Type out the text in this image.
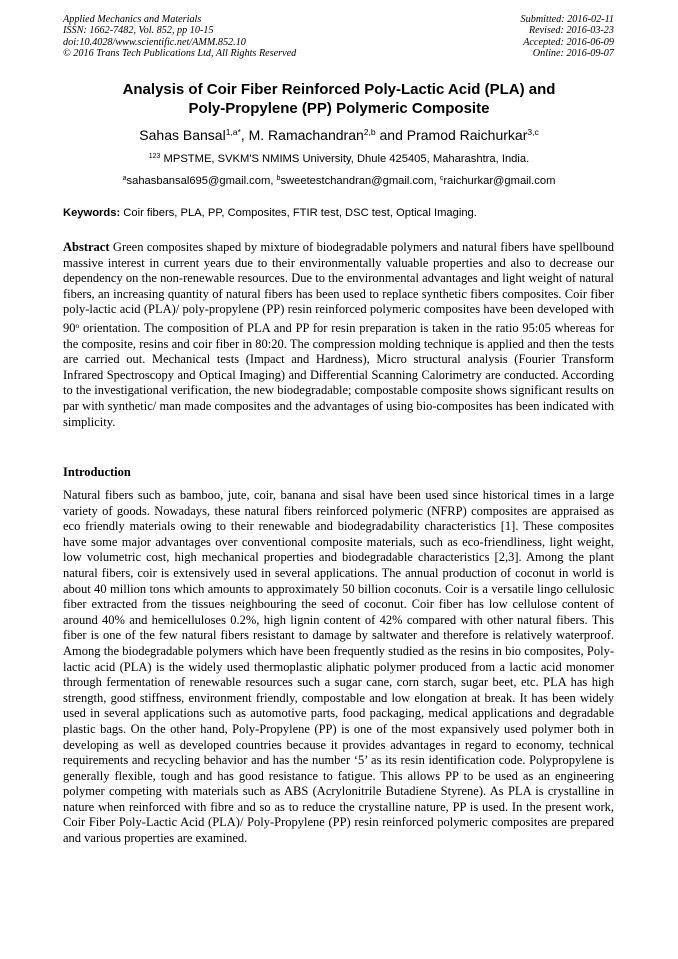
Applied Mechanics and Materials
ISSN: 1662-7482, Vol. 852, pp 10-15
doi:10.4028/www.scientific.net/AMM.852.10
© 2016 Trans Tech Publications Ltd, All Rights Reserved
Submitted: 2016-02-11
Revised: 2016-03-23
Accepted: 2016-06-09
Online: 2016-09-07
Analysis of Coir Fiber Reinforced Poly-Lactic Acid (PLA) and
Poly-Propylene (PP) Polymeric Composite
Sahas Bansal$^{1,a*}$, M. Ramachandran$^{2,b}$ and Pramod Raichurkar$^{3,c}$
$^{123}$ MPSTME, SVKM'S NMIMS University, Dhule 425405, Maharashtra, India.
$^a$sahasbansal695@gmail.com, $^b$sweetestchandran@gmail.com, $^c$raichurkar@gmail.com
Keywords: Coir fibers, PLA, PP, Composites, FTIR test, DSC test, Optical Imaging.
Abstract Green composites shaped by mixture of biodegradable polymers and natural fibers have spellbound massive interest in current years due to their environmentally valuable properties and also to decrease our dependency on the non-renewable resources. Due to the environmental advantages and light weight of natural fibers, an increasing quantity of natural fibers has been used to replace synthetic fibers composites. Coir fiber poly-lactic acid (PLA)/ poly-propylene (PP) resin reinforced polymeric composites have been developed with 90$^o$ orientation. The composition of PLA and PP for resin preparation is taken in the ratio 95:05 whereas for the composite, resins and coir fiber in 80:20. The compression molding technique is applied and then the tests are carried out. Mechanical tests (Impact and Hardness), Micro structural analysis (Fourier Transform Infrared Spectroscopy and Optical Imaging) and Differential Scanning Calorimetry are conducted. According to the investigational verification, the new biodegradable; compostable composite shows significant results on par with synthetic/ man made composites and the advantages of using bio-composites has been indicated with simplicity.
Introduction
Natural fibers such as bamboo, jute, coir, banana and sisal have been used since historical times in a large variety of goods. Nowadays, these natural fibers reinforced polymeric (NFRP) composites are appraised as eco friendly materials owing to their renewable and biodegradability characteristics [1]. These composites have some major advantages over conventional composite materials, such as eco-friendliness, light weight, low volumetric cost, high mechanical properties and biodegradable characteristics [2,3]. Among the plant natural fibers, coir is extensively used in several applications. The annual production of coconut in world is about 40 million tons which amounts to approximately 50 billion coconuts. Coir is a versatile lingo cellulosic fiber extracted from the tissues neighbouring the seed of coconut. Coir fiber has low cellulose content of around 40% and hemicelluloses 0.2%, high lignin content of 42% compared with other natural fibers. This fiber is one of the few natural fibers resistant to damage by saltwater and therefore is relatively waterproof. Among the biodegradable polymers which have been frequently studied as the resins in bio composites, Poly-lactic acid (PLA) is the widely used thermoplastic aliphatic polymer produced from a lactic acid monomer through fermentation of renewable resources such a sugar cane, corn starch, sugar beet, etc. PLA has high strength, good stiffness, environment friendly, compostable and low elongation at break. It has been widely used in several applications such as automotive parts, food packaging, medical applications and degradable plastic bags. On the other hand, Poly-Propylene (PP) is one of the most expansively used polymer both in developing as well as developed countries because it provides advantages in regard to economy, technical requirements and recycling behavior and has the number ‘5’ as its resin identification code. Polypropylene is generally flexible, tough and has good resistance to fatigue. This allows PP to be used as an engineering polymer competing with materials such as ABS (Acrylonitrile Butadiene Styrene). As PLA is crystalline in nature when reinforced with fibre and so as to reduce the crystalline nature, PP is used. In the present work, Coir Fiber Poly-Lactic Acid (PLA)/ Poly-Propylene (PP) resin reinforced polymeric composites are prepared and various properties are examined.
